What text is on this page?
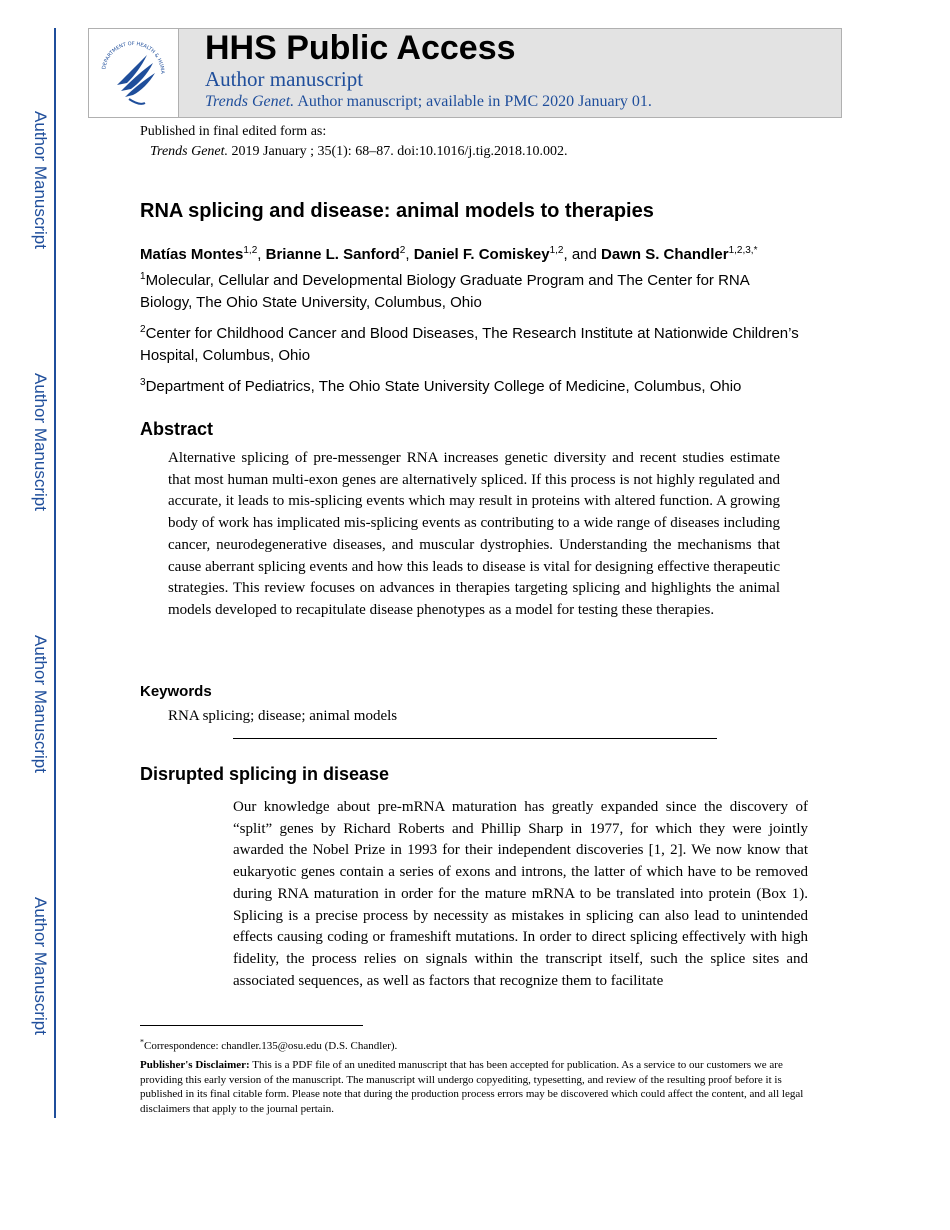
Author Manuscript
Author Manuscript
Author Manuscript
Author Manuscript
DEPARTMENT OF HEALTH & HUMA
HHS Public Access
Author manuscript
Trends Genet. Author manuscript; available in PMC 2020 January 01.
Published in final edited form as:
Trends Genet. 2019 January ; 35(1): 68–87. doi:10.1016/j.tig.2018.10.002.
RNA splicing and disease: animal models to therapies
Matías Montes$^{1,2}$, Brianne L. Sanford$^2$, Daniel F. Comiskey$^{1,2}$, and Dawn S. Chandler$^{1,2,3,*}$
$^1$Molecular, Cellular and Developmental Biology Graduate Program and The Center for RNA Biology, The Ohio State University, Columbus, Ohio
$^2$Center for Childhood Cancer and Blood Diseases, The Research Institute at Nationwide Children’s Hospital, Columbus, Ohio
$^3$Department of Pediatrics, The Ohio State University College of Medicine, Columbus, Ohio
Abstract
Alternative splicing of pre-messenger RNA increases genetic diversity and recent studies estimate that most human multi-exon genes are alternatively spliced. If this process is not highly regulated and accurate, it leads to mis-splicing events which may result in proteins with altered function. A growing body of work has implicated mis-splicing events as contributing to a wide range of diseases including cancer, neurodegenerative diseases, and muscular dystrophies. Understanding the mechanisms that cause aberrant splicing events and how this leads to disease is vital for designing effective therapeutic strategies. This review focuses on advances in therapies targeting splicing and highlights the animal models developed to recapitulate disease phenotypes as a model for testing these therapies.
Keywords
RNA splicing; disease; animal models
Disrupted splicing in disease
Our knowledge about pre-mRNA maturation has greatly expanded since the discovery of “split” genes by Richard Roberts and Phillip Sharp in 1977, for which they were jointly awarded the Nobel Prize in 1993 for their independent discoveries [1, 2]. We now know that eukaryotic genes contain a series of exons and introns, the latter of which have to be removed during RNA maturation in order for the mature mRNA to be translated into protein (Box 1). Splicing is a precise process by necessity as mistakes in splicing can also lead to unintended effects causing coding or frameshift mutations. In order to direct splicing effectively with high fidelity, the process relies on signals within the transcript itself, such the splice sites and associated sequences, as well as factors that recognize them to facilitate
*Correspondence: chandler.135@osu.edu (D.S. Chandler).
Publisher's Disclaimer: This is a PDF file of an unedited manuscript that has been accepted for publication. As a service to our customers we are providing this early version of the manuscript. The manuscript will undergo copyediting, typesetting, and review of the resulting proof before it is published in its final citable form. Please note that during the production process errors may be discovered which could affect the content, and all legal disclaimers that apply to the journal pertain.
